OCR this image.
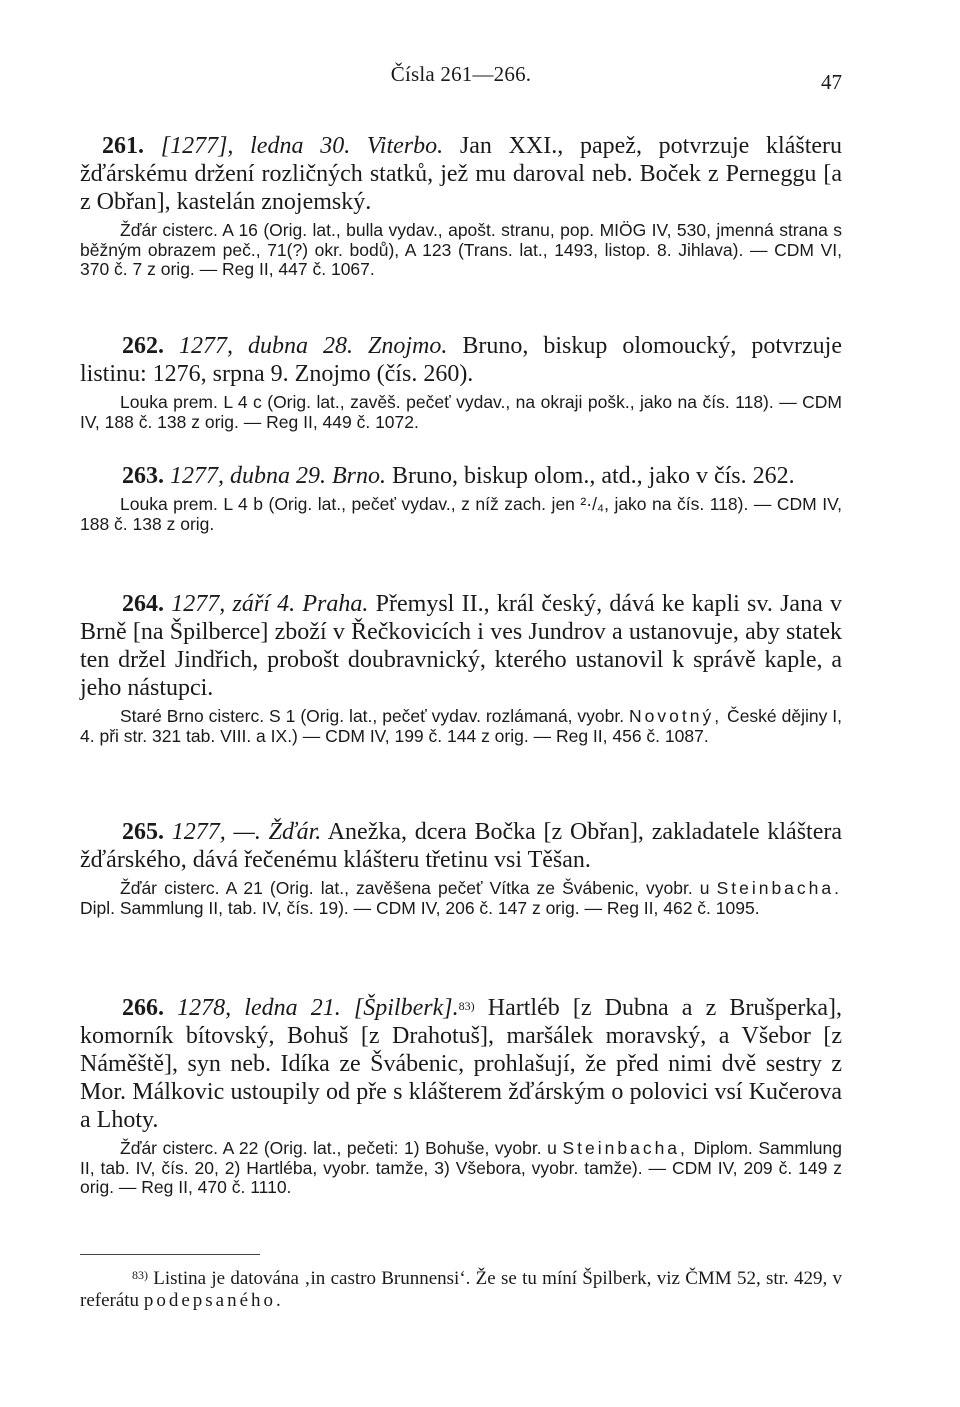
Čísla 261—266.	47
261. [1277], ledna 30. Viterbo. Jan XXI., papež, potvrzuje klášteru žďárskému držení rozličných statků, jež mu daroval neb. Boček z Perneggu [a z Obřan], kastelán znojemský.
Žďár cisterc. A 16 (Orig. lat., bulla vydav., apošt. stranu, pop. MIÖG IV, 530, jmenná strana s běžným obrazem peč., 71(?) okr. bodů), A 123 (Trans. lat., 1493, listop. 8. Jihlava). — CDM VI, 370 č. 7 z orig. — Reg II, 447 č. 1067.
262. 1277, dubna 28. Znojmo. Bruno, biskup olomoucký, potvrzuje listinu: 1276, srpna 9. Znojmo (čís. 260).
Louka prem. L 4 c (Orig. lat., zavěš. pečeť vydav., na okraji pošk., jako na čís. 118). — CDM IV, 188 č. 138 z orig. — Reg II, 449 č. 1072.
263. 1277, dubna 29. Brno. Bruno, biskup olom., atd., jako v čís. 262.
Louka prem. L 4 b (Orig. lat., pečeť vydav., z níž zach. jen ²·/₄, jako na čís. 118). — CDM IV, 188 č. 138 z orig.
264. 1277, září 4. Praha. Přemysl II., král český, dává ke kapli sv. Jana v Brně [na Špilberce] zboží v Řečkovicích i ves Jundrov a ustanovuje, aby statek ten držel Jindřich, probošt doubravnický, kterého ustanovil k správě kaple, a jeho nástupci.
Staré Brno cisterc. S 1 (Orig. lat., pečeť vydav. rozlámaná, vyobr. Novotný, České dějiny I, 4. při str. 321 tab. VIII. a IX.) — CDM IV, 199 č. 144 z orig. — Reg II, 456 č. 1087.
265. 1277, —. Žďár. Anežka, dcera Bočka [z Obřan], zakladatele kláštera žďárského, dává řečenému klášteru třetinu vsi Těšan.
Žďár cisterc. A 21 (Orig. lat., zavěšena pečeť Vítka ze Švábenic, vyobr. u Steinbacha. Dipl. Sammlung II, tab. IV, čís. 19). — CDM IV, 206 č. 147 z orig. — Reg II, 462 č. 1095.
266. 1278, ledna 21. [Špilberk].$^{83)}$ Hartléb [z Dubna a z Brušperka], komorník bítovský, Bohuš [z Drahotuš], maršálek moravský, a Všebor [z Náměště], syn neb. Idíka ze Švábenic, prohlašují, že před nimi dvě sestry z Mor. Málkovic ustoupily od pře s klášterem žďárským o polovici vsí Kučerova a Lhoty.
Žďár cisterc. A 22 (Orig. lat., pečeti: 1) Bohuše, vyobr. u Steinbacha, Diplom. Sammlung II, tab. IV, čís. 20, 2) Hartléba, vyobr. tamže, 3) Všebora, vyobr. tamže). — CDM IV, 209 č. 149 z orig. — Reg II, 470 č. 1110.
$^{83)}$ Listina je datována ‚in castro Brunnensi‘. Že se tu míní Špilberk, viz ČMM 52, str. 429, v referátu podepsaného.
